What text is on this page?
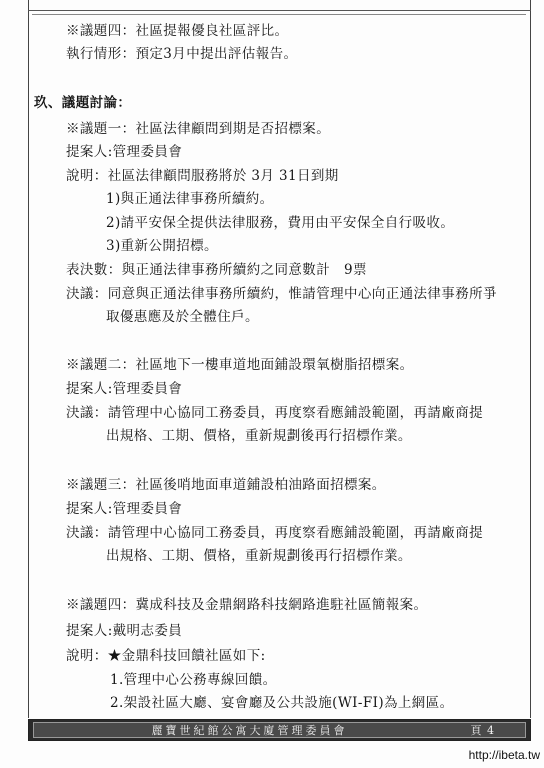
※議題四：社區提報優良社區評比。
執行情形：預定3月中提出評估報告。
玖、議題討論：
※議題一：社區法律顧問到期是否招標案。
提案人:管理委員會
說明：社區法律顧問服務將於 3月 31日到期
1)與正通法律事務所續約。
2)請平安保全提供法律服務，費用由平安保全自行吸收。
3)重新公開招標。
表決數：與正通法律事務所續約之同意數計　9票
決議：同意與正通法律事務所續約，惟請管理中心向正通法律事務所爭
取優惠應及於全體住戶。
※議題二：社區地下一樓車道地面鋪設環氧樹脂招標案。
提案人:管理委員會
決議：請管理中心協同工務委員，再度察看應鋪設範圍，再請廠商提
出規格、工期、價格，重新規劃後再行招標作業。
※議題三：社區後哨地面車道鋪設柏油路面招標案。
提案人:管理委員會
決議：請管理中心協同工務委員，再度察看應鋪設範圍，再請廠商提
出規格、工期、價格，重新規劃後再行招標作業。
※議題四：冀成科技及金鼎網路科技網路進駐社區簡報案。
提案人:戴明志委員
說明：★金鼎科技回饋社區如下:
1.管理中心公務專線回饋。
2.架設社區大廳、宴會廳及公共設施(WI-FI)為上網區。
麗寶世紀館公寓大廈管理委員會	頁 4
http://ibeta.tw
